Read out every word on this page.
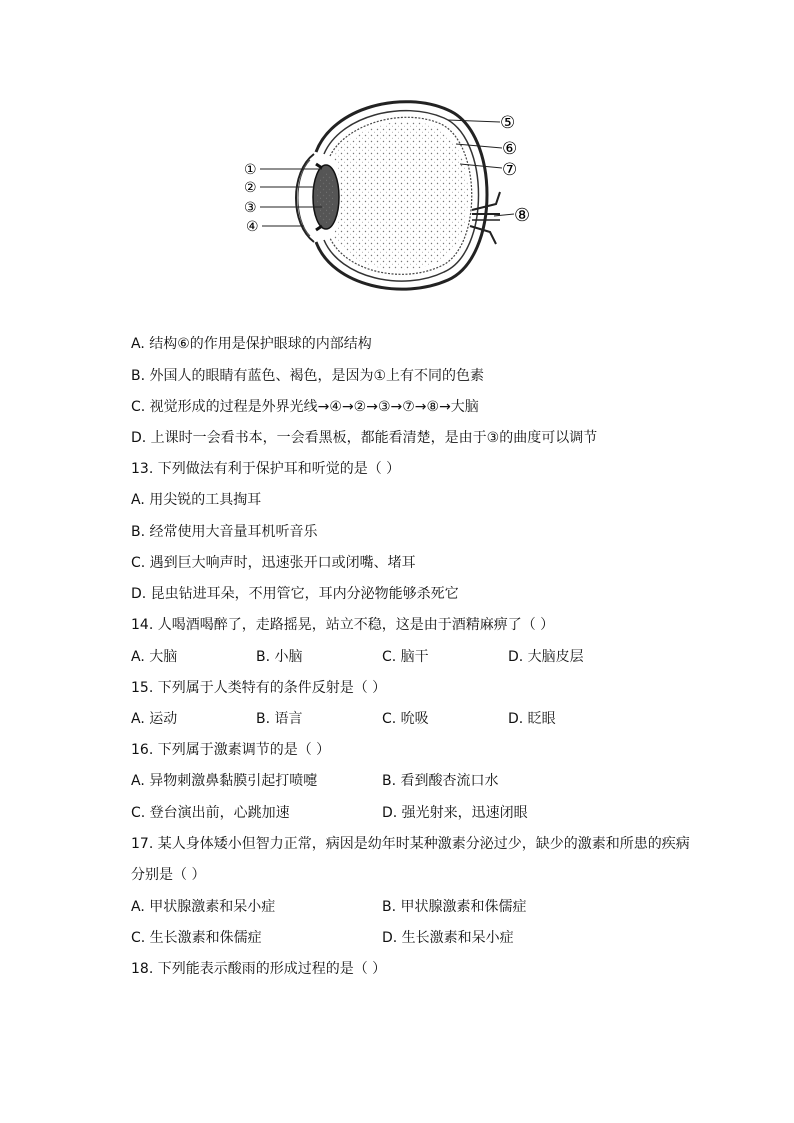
①
②
③
④
⑤
⑥
⑦
⑧
A. 结构⑥的作用是保护眼球的内部结构
B. 外国人的眼睛有蓝色、褐色，是因为①上有不同的色素
C. 视觉形成的过程是外界光线→④→②→③→⑦→⑧→大脑
D. 上课时一会看书本，一会看黑板，都能看清楚，是由于③的曲度可以调节
13. 下列做法有利于保护耳和听觉的是（ ）
A. 用尖锐的工具掏耳
B. 经常使用大音量耳机听音乐
C. 遇到巨大响声时，迅速张开口或闭嘴、堵耳
D. 昆虫钻进耳朵，不用管它，耳内分泌物能够杀死它
14. 人喝酒喝醉了，走路摇晃，站立不稳，这是由于酒精麻痹了（ ）
A. 大脑	B. 小脑	C. 脑干	D. 大脑皮层
15. 下列属于人类特有的条件反射是（ ）
A. 运动	B. 语言	C. 吮吸	D. 眨眼
16. 下列属于激素调节的是（ ）
A. 异物刺激鼻黏膜引起打喷嚏	B. 看到酸杏流口水
C. 登台演出前，心跳加速	D. 强光射来，迅速闭眼
17. 某人身体矮小但智力正常，病因是幼年时某种激素分泌过少，缺少的激素和所患的疾病
分别是（ ）
A. 甲状腺激素和呆小症	B. 甲状腺激素和侏儒症
C. 生长激素和侏儒症	D. 生长激素和呆小症
18. 下列能表示酸雨的形成过程的是（ ）
